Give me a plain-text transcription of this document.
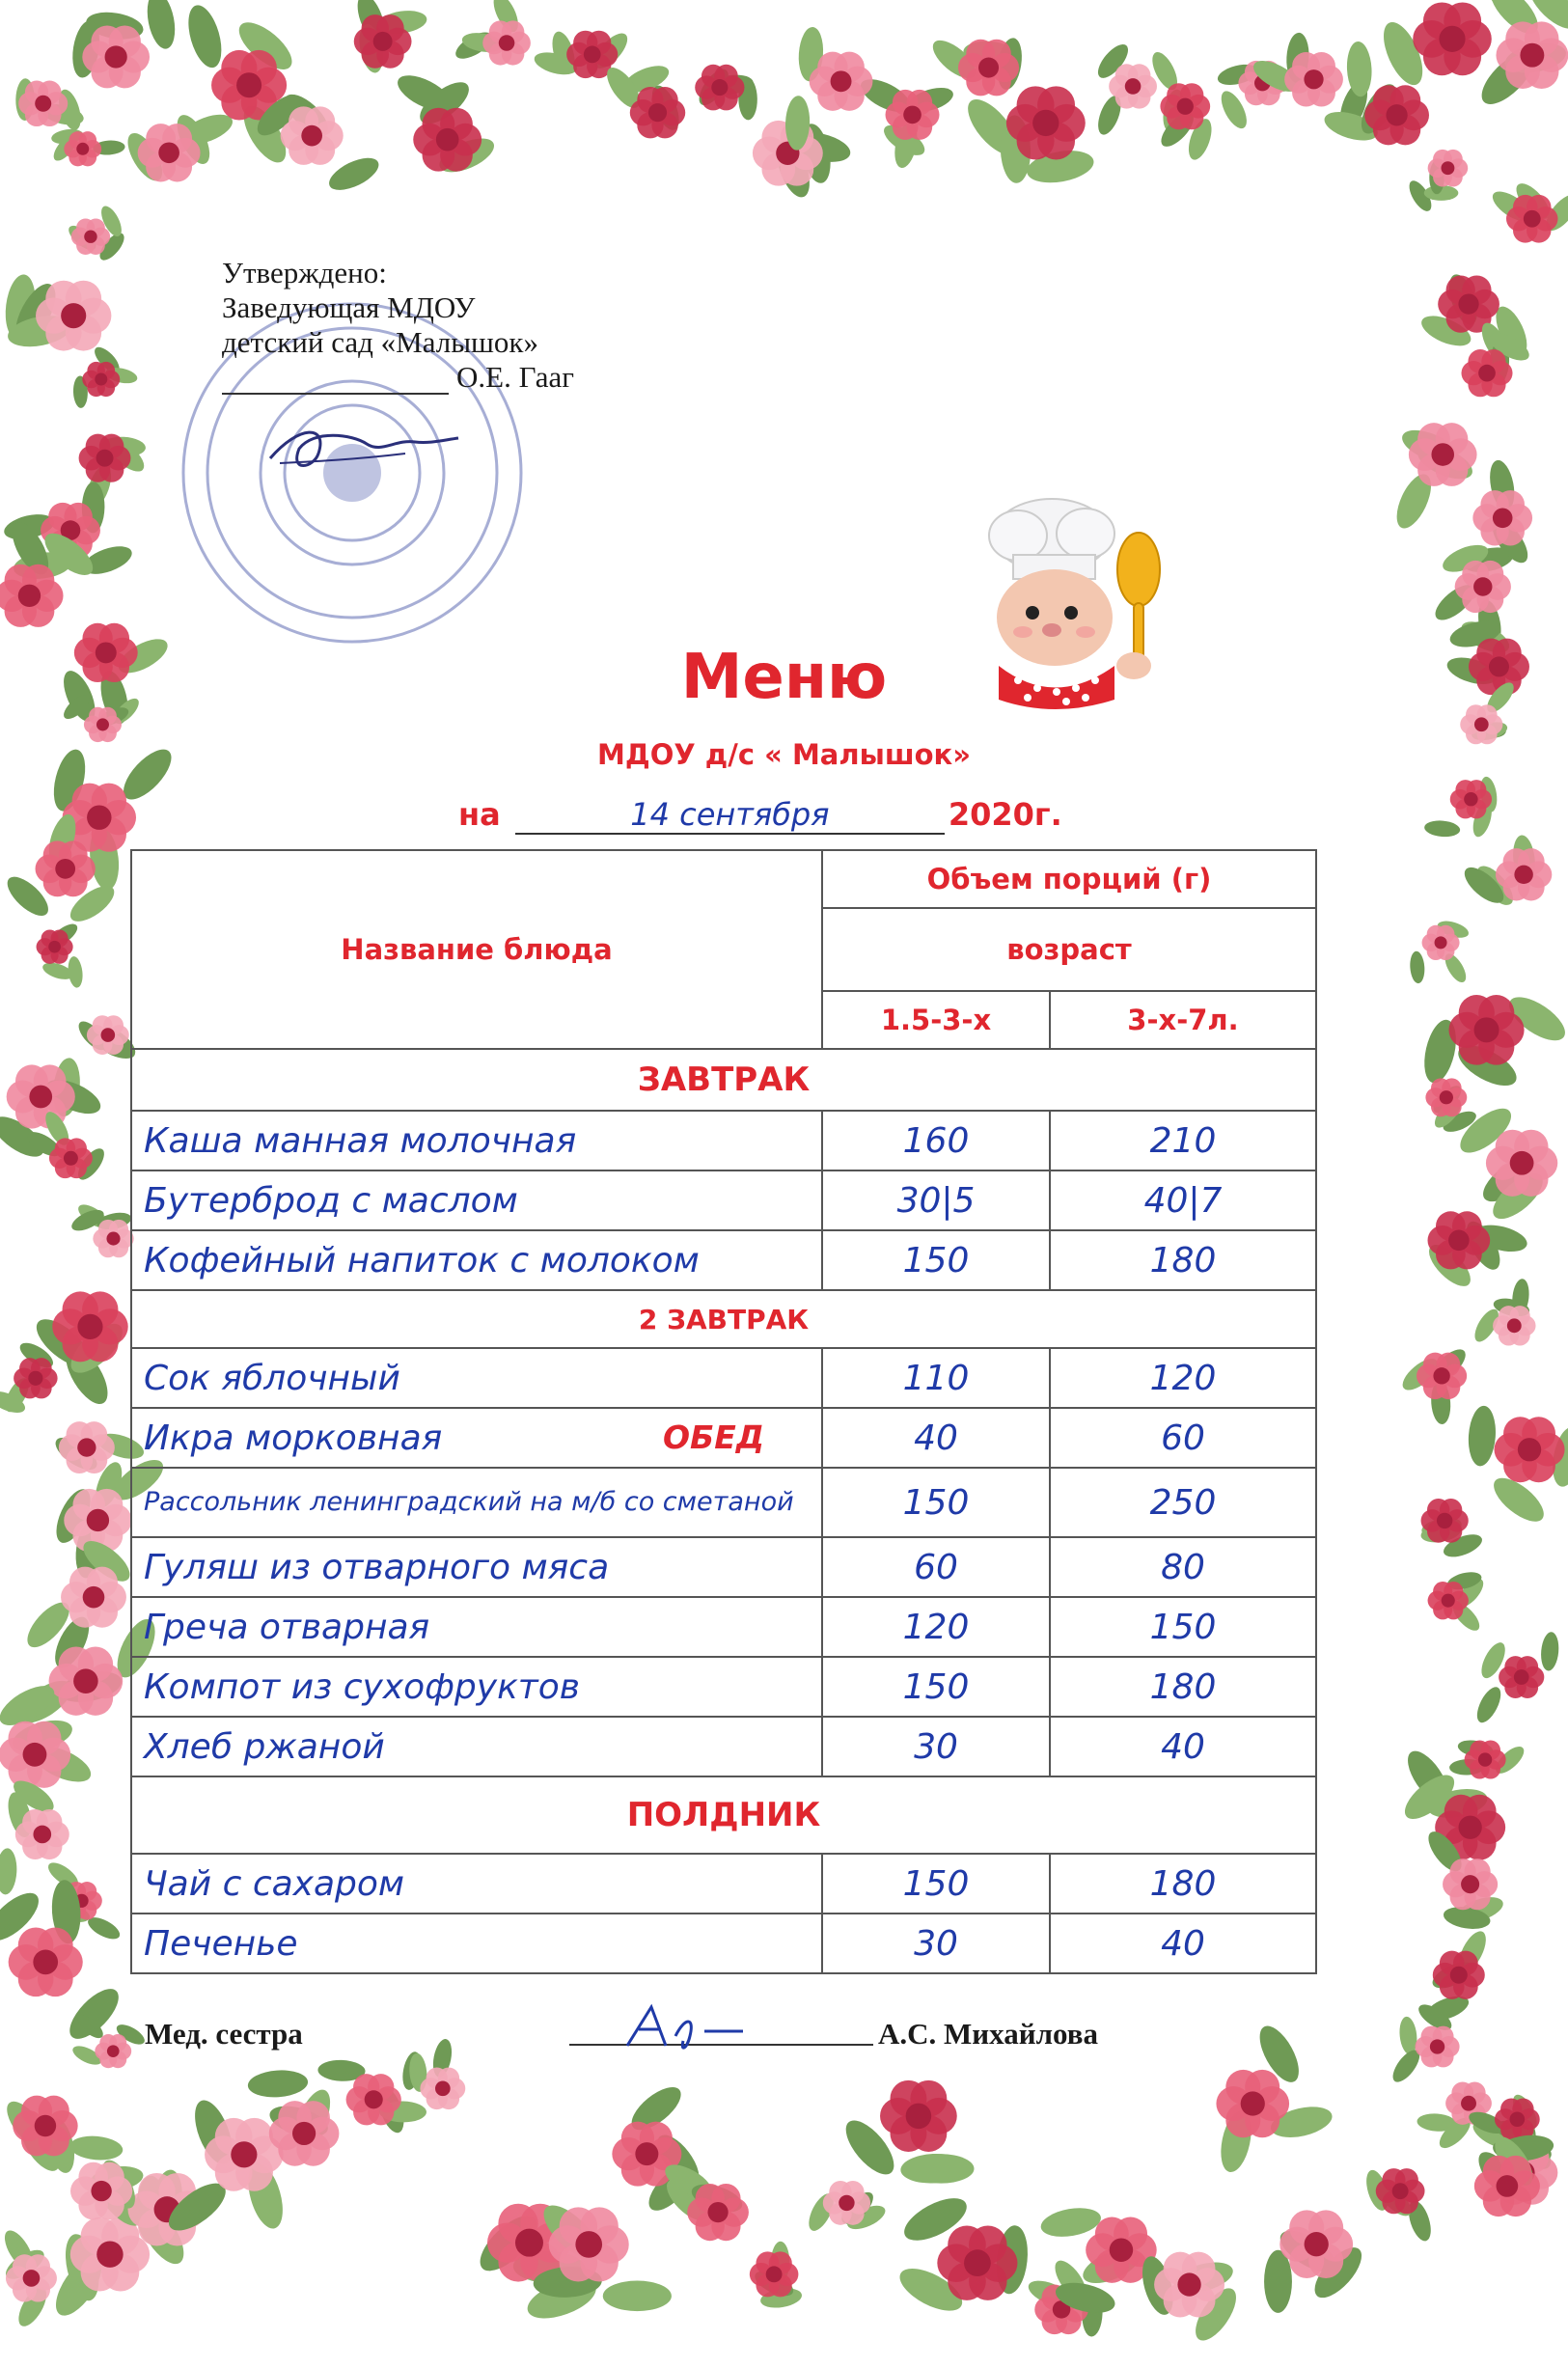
Утверждено:
Заведующая МДОУ
детский сад «Малышок»
О.Е. Гааг
Меню
МДОУ д/с « Малышок»
на	14 сентября	2020г.
Название блюда	Объем порций (г)	
	возраст	
	1.5-3-х	3-х-7л.
ЗАВТРАК		
Каша манная молочная	160	210
Бутерброд с маслом	30|5	40|7
Кофейный напиток с молоком	150	180
2 ЗАВТРАК		
Сок яблочный	110	120
Икра морковная ОБЕД	40	60
Рассольник ленинградский на м/б со сметаной	150	250
Гуляш из отварного мяса	60	80
Греча отварная	120	150
Компот из сухофруктов	150	180
Хлеб ржаной	30	40
ПОЛДНИК		
Чай с сахаром	150	180
Печенье	30	40
Мед. сестра	А.С. Михайлова
